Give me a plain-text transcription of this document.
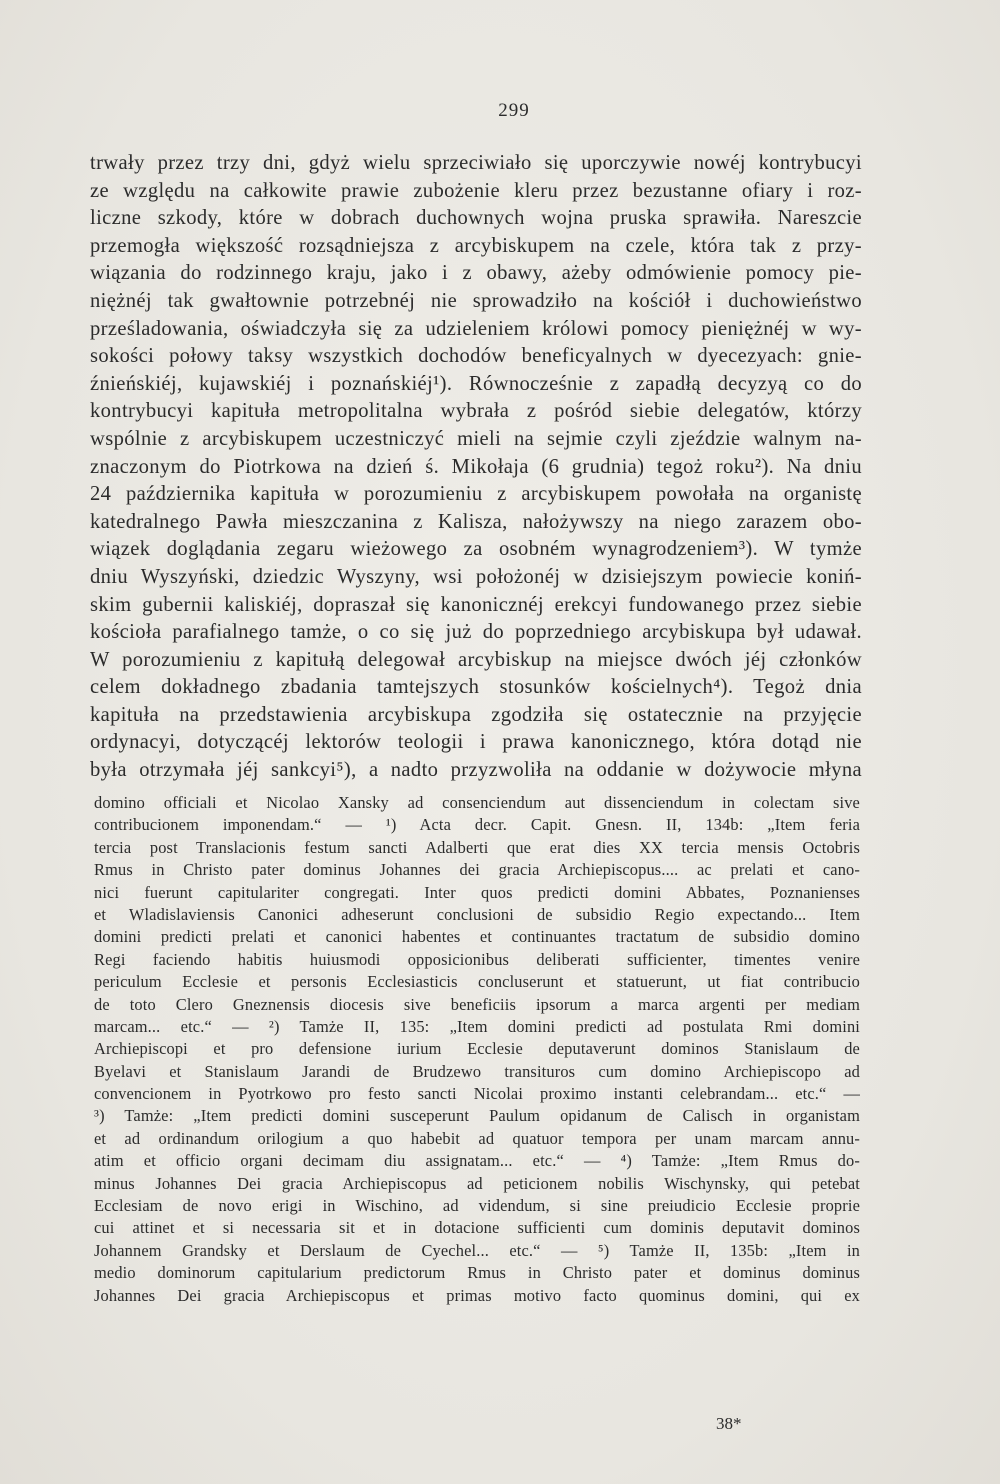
299
trwały przez trzy dni, gdyż wielu sprzeciwiało się uporczywie nowéj kontrybucyi
ze względu na całkowite prawie zubożenie kleru przez bezustanne ofiary i roz-
liczne szkody, które w dobrach duchownych wojna pruska sprawiła. Nareszcie
przemogła większość rozsądniejsza z arcybiskupem na czele, która tak z przy-
wiązania do rodzinnego kraju, jako i z obawy, ażeby odmówienie pomocy pie-
niężnéj tak gwałtownie potrzebnéj nie sprowadziło na kościół i duchowieństwo
prześladowania, oświadczyła się za udzieleniem królowi pomocy pieniężnéj w wy-
sokości połowy taksy wszystkich dochodów beneficyalnych w dyecezyach: gnie-
źnieńskiéj, kujawskiéj i poznańskiéj¹). Równocześnie z zapadłą decyzyą co do
kontrybucyi kapituła metropolitalna wybrała z pośród siebie delegatów, którzy
wspólnie z arcybiskupem uczestniczyć mieli na sejmie czyli zjeździe walnym na-
znaczonym do Piotrkowa na dzień ś. Mikołaja (6 grudnia) tegoż roku²). Na dniu
24 października kapituła w porozumieniu z arcybiskupem powołała na organistę
katedralnego Pawła mieszczanina z Kalisza, nałożywszy na niego zarazem obo-
wiązek doglądania zegaru wieżowego za osobném wynagrodzeniem³). W tymże
dniu Wyszyński, dziedzic Wyszyny, wsi położonéj w dzisiejszym powiecie koniń-
skim gubernii kaliskiéj, dopraszał się kanonicznéj erekcyi fundowanego przez siebie
kościoła parafialnego tamże, o co się już do poprzedniego arcybiskupa był udawał.
W porozumieniu z kapitułą delegował arcybiskup na miejsce dwóch jéj członków
celem dokładnego zbadania tamtejszych stosunków kościelnych⁴). Tegoż dnia
kapituła na przedstawienia arcybiskupa zgodziła się ostatecznie na przyjęcie
ordynacyi, dotyczącéj lektorów teologii i prawa kanonicznego, która dotąd nie
była otrzymała jéj sankcyi⁵), a nadto przyzwoliła na oddanie w dożywocie młyna
domino officiali et Nicolao Xansky ad consenciendum aut dissenciendum in colectam sive
contribucionem imponendam.“ — ¹) Acta decr. Capit. Gnesn. II, 134b: „Item feria
tercia post Translacionis festum sancti Adalberti que erat dies XX tercia mensis Octobris
Rmus in Christo pater dominus Johannes dei gracia Archiepiscopus.... ac prelati et cano-
nici fuerunt capitulariter congregati. Inter quos predicti domini Abbates, Poznanienses
et Wladislaviensis Canonici adheserunt conclusioni de subsidio Regio expectando... Item
domini predicti prelati et canonici habentes et continuantes tractatum de subsidio domino
Regi faciendo habitis huiusmodi opposicionibus deliberati sufficienter, timentes venire
periculum Ecclesie et personis Ecclesiasticis concluserunt et statuerunt, ut fiat contribucio
de toto Clero Gneznensis diocesis sive beneficiis ipsorum a marca argenti per mediam
marcam... etc.“ — ²) Tamże II, 135: „Item domini predicti ad postulata Rmi domini
Archiepiscopi et pro defensione iurium Ecclesie deputaverunt dominos Stanislaum de
Byelavi et Stanislaum Jarandi de Brudzewo transituros cum domino Archiepiscopo ad
convencionem in Pyotrkowo pro festo sancti Nicolai proximo instanti celebrandam... etc.“ —
³) Tamże: „Item predicti domini susceperunt Paulum opidanum de Calisch in organistam
et ad ordinandum orilogium a quo habebit ad quatuor tempora per unam marcam annu-
atim et officio organi decimam diu assignatam... etc.“ — ⁴) Tamże: „Item Rmus do-
minus Johannes Dei gracia Archiepiscopus ad peticionem nobilis Wischynsky, qui petebat
Ecclesiam de novo erigi in Wischino, ad videndum, si sine preiudicio Ecclesie proprie
cui attinet et si necessaria sit et in dotacione sufficienti cum dominis deputavit dominos
Johannem Grandsky et Derslaum de Cyechel... etc.“ — ⁵) Tamże II, 135b: „Item in
medio dominorum capitularium predictorum Rmus in Christo pater et dominus dominus
Johannes Dei gracia Archiepiscopus et primas motivo facto quominus domini, qui ex
38*
